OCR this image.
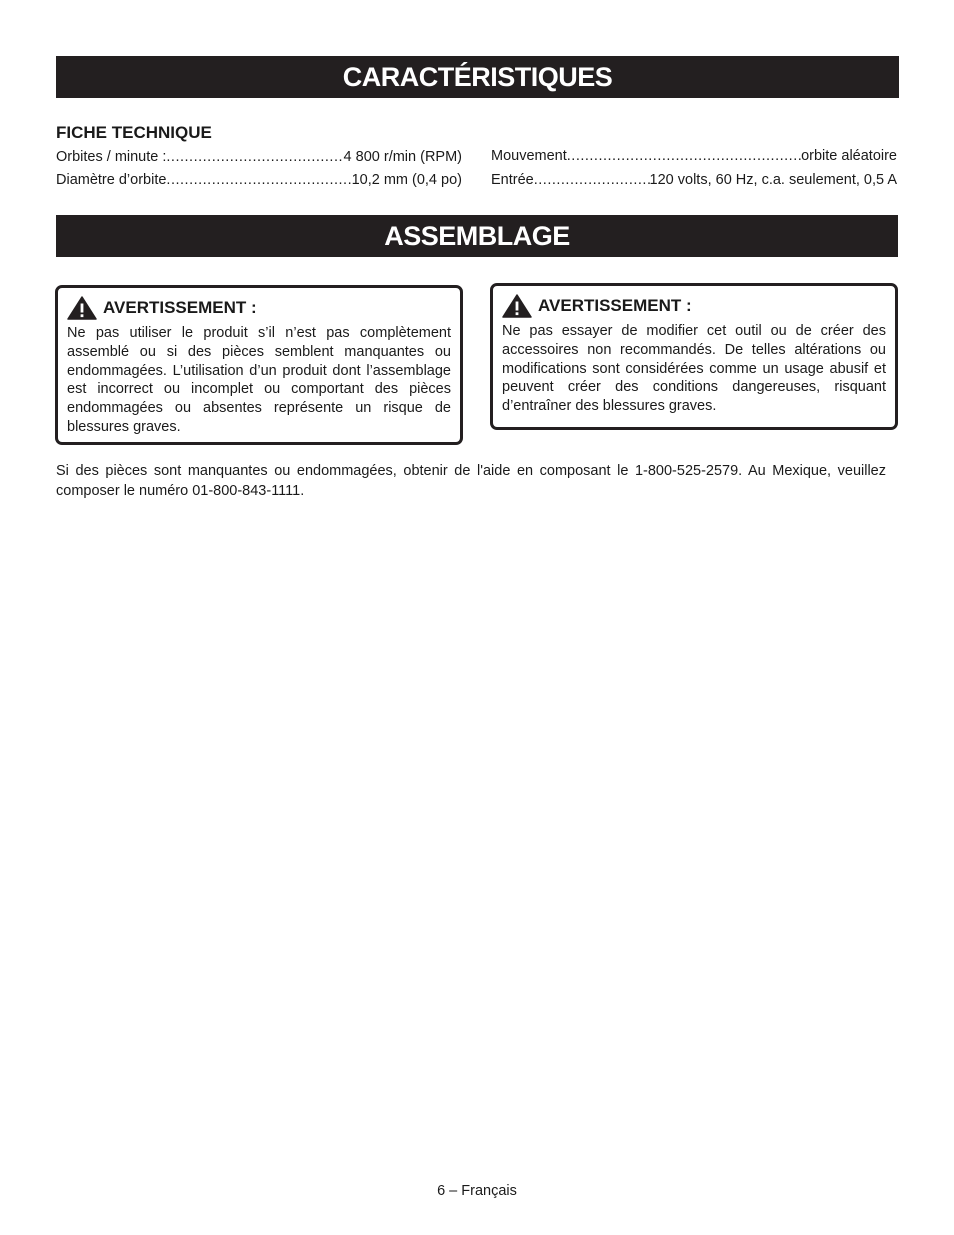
CARACTÉRISTIQUES
FICHE TECHNIQUE
Orbites / minute : .....	4 800 r/min (RPM)
Diamètre d’orbite .....	10,2 mm (0,4 po)
Mouvement .....	orbite aléatoire
Entrée .....	120 volts, 60 Hz, c.a. seulement, 0,5 A
ASSEMBLAGE
AVERTISSEMENT :
Ne pas utiliser le produit s’il n’est pas complètement assemblé ou si des pièces semblent manquantes ou endommagées. L’utilisation d’un produit dont l’assemblage est incorrect ou incomplet ou comportant des pièces endommagées ou absentes représente un risque de blessures graves.
AVERTISSEMENT :
Ne pas essayer de modifier cet outil ou de créer des accessoires non recommandés. De telles altérations ou modifications sont considérées comme un usage abusif et peuvent créer des conditions dangereuses, risquant d’entraîner des blessures graves.
Si des pièces sont manquantes ou endommagées, obtenir de l'aide en composant le 1-800-525-2579. Au Mexique, veuillez composer le numéro 01-800-843-1111.
6 – Français
